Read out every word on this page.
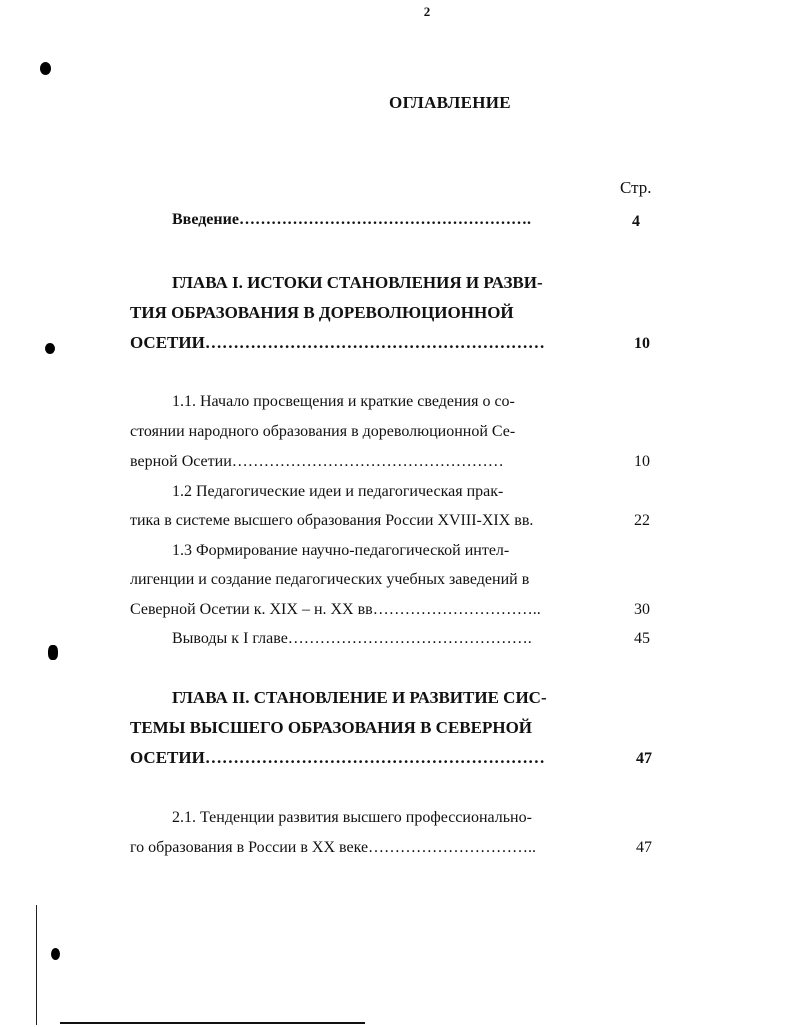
2
ОГЛАВЛЕНИЕ
Стр.
Введение……………………………………………….	4
ГЛАВА I. ИСТОКИ СТАНОВЛЕНИЯ И РАЗВИ-
ТИЯ ОБРАЗОВАНИЯ В ДОРЕВОЛЮЦИОННОЙ
ОСЕТИИ……………………………………………………	10
1.1. Начало просвещения и краткие сведения о со-
стоянии народного образования в дореволюционной Се-
верной Осетии……………………………………………	10
1.2 Педагогические идеи и педагогическая прак-
тика в системе высшего образования России XVIII-XIX вв.	22
1.3 Формирование научно-педагогической интел-
лигенции и создание педагогических учебных заведений в
Северной Осетии к. XIX – н. XX вв…………………………..	30
Выводы к I главе……………………………………….	45
ГЛАВА II. СТАНОВЛЕНИЕ И РАЗВИТИЕ СИС-
ТЕМЫ ВЫСШЕГО ОБРАЗОВАНИЯ В СЕВЕРНОЙ
ОСЕТИИ……………………………………………………	47
2.1. Тенденции развития высшего профессионально-
го образования в России в XX веке…………………………..	47
